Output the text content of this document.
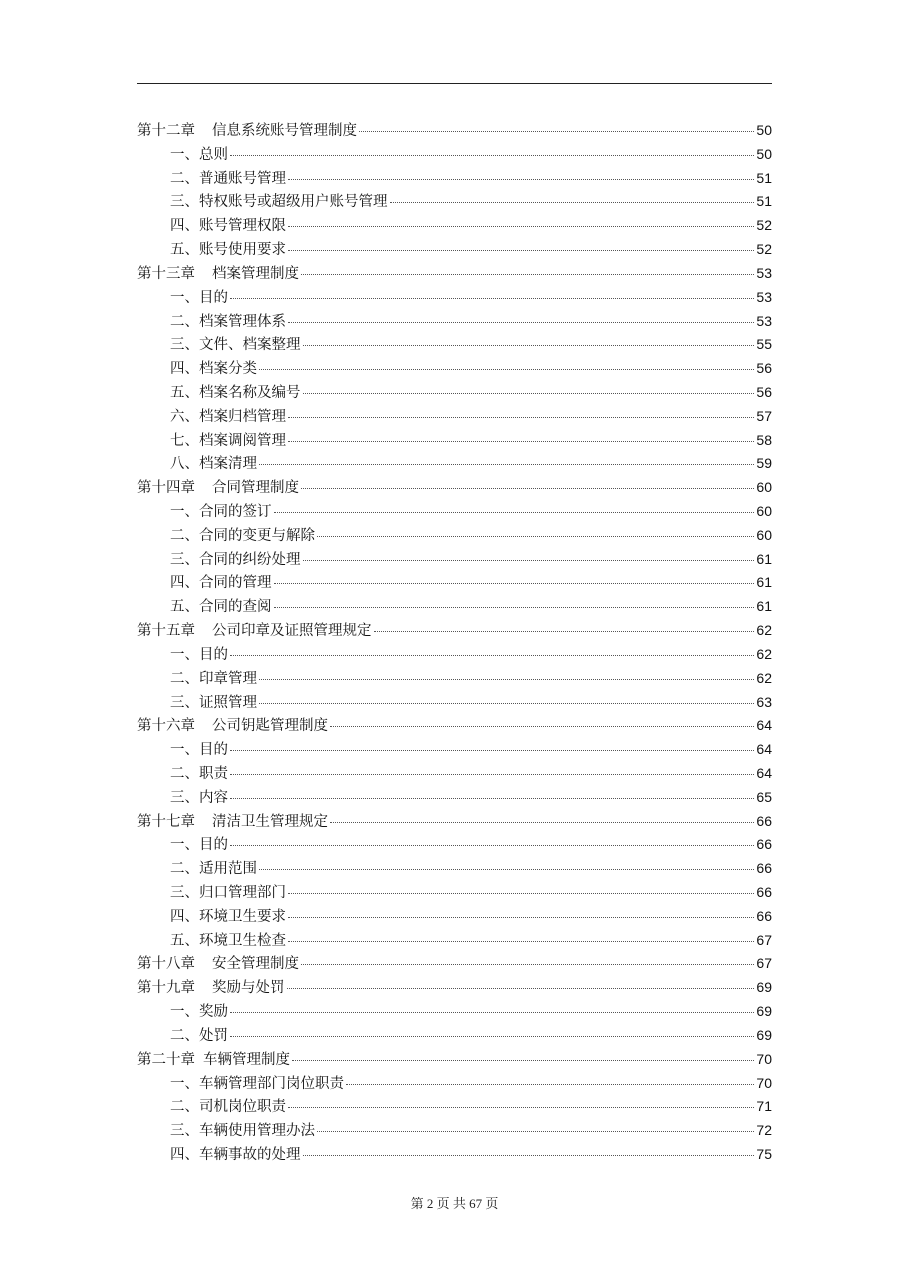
第十二章 信息系统账号管理制度	50
一、总则	50
二、普通账号管理	51
三、特权账号或超级用户账号管理	51
四、账号管理权限	52
五、账号使用要求	52
第十三章 档案管理制度	53
一、目的	53
二、档案管理体系	53
三、文件、档案整理	55
四、档案分类	56
五、档案名称及编号	56
六、档案归档管理	57
七、档案调阅管理	58
八、档案清理	59
第十四章 合同管理制度	60
一、合同的签订	60
二、合同的变更与解除	60
三、合同的纠纷处理	61
四、合同的管理	61
五、合同的查阅	61
第十五章 公司印章及证照管理规定	62
一、目的	62
二、印章管理	62
三、证照管理	63
第十六章 公司钥匙管理制度	64
一、目的	64
二、职责	64
三、内容	65
第十七章 清洁卫生管理规定	66
一、目的	66
二、适用范围	66
三、归口管理部门	66
四、环境卫生要求	66
五、环境卫生检查	67
第十八章 安全管理制度	67
第十九章 奖励与处罚	69
一、奖励	69
二、处罚	69
第二十章 车辆管理制度	70
一、车辆管理部门岗位职责	70
二、司机岗位职责	71
三、车辆使用管理办法	72
四、车辆事故的处理	75
第 2 页 共 67 页
